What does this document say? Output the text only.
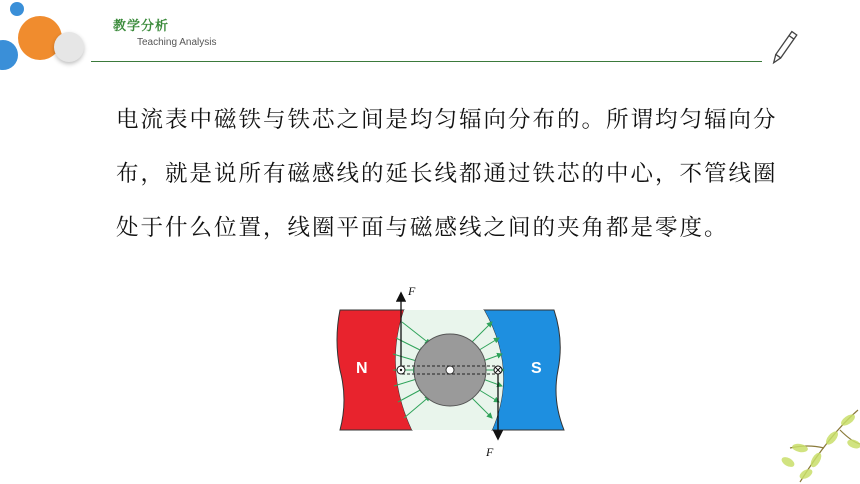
教学分析
Teaching Analysis
电流表中磁铁与铁芯之间是均匀辐向分布的。所谓均匀辐向分布，就是说所有磁感线的延长线都通过铁芯的中心，不管线圈处于什么位置，线圈平面与磁感线之间的夹角都是零度。
N	S
F
F
